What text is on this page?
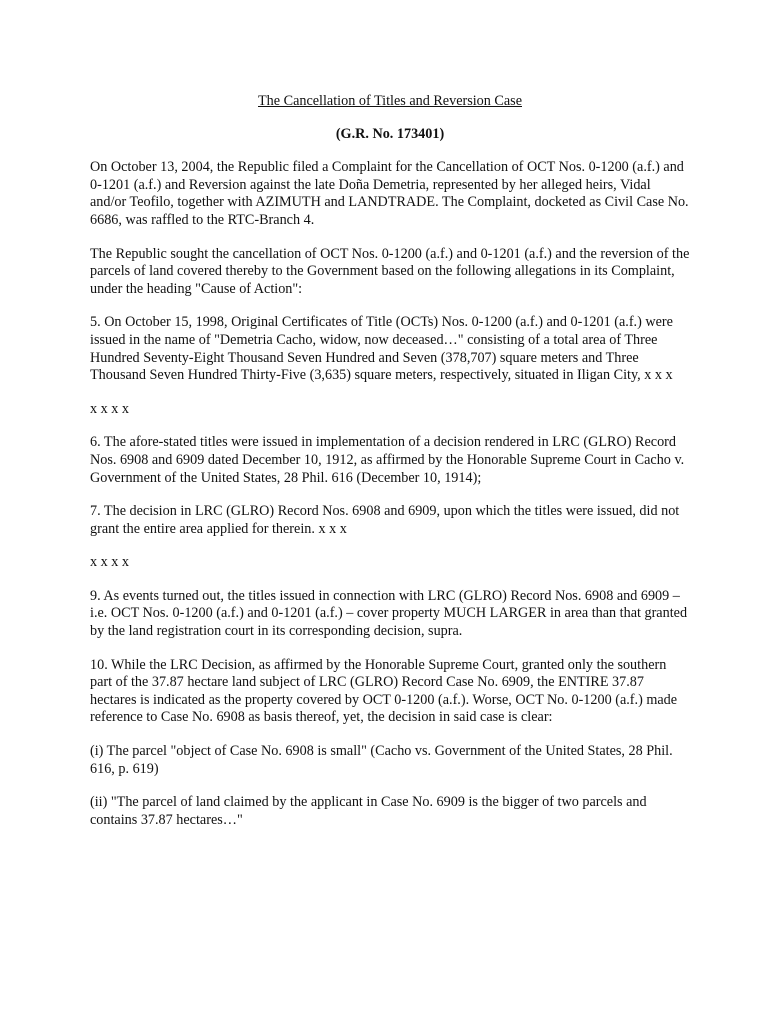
The Cancellation of Titles and Reversion Case
(G.R. No. 173401)
On October 13, 2004, the Republic filed a Complaint for the Cancellation of OCT Nos. 0-1200 (a.f.) and 0-1201 (a.f.) and Reversion against the late Doña Demetria, represented by her alleged heirs, Vidal and/or Teofilo, together with AZIMUTH and LANDTRADE. The Complaint, docketed as Civil Case No. 6686, was raffled to the RTC-Branch 4.
The Republic sought the cancellation of OCT Nos. 0-1200 (a.f.) and 0-1201 (a.f.) and the reversion of the parcels of land covered thereby to the Government based on the following allegations in its Complaint, under the heading "Cause of Action":
5. On October 15, 1998, Original Certificates of Title (OCTs) Nos. 0-1200 (a.f.) and 0-1201 (a.f.) were issued in the name of "Demetria Cacho, widow, now deceased…" consisting of a total area of Three Hundred Seventy-Eight Thousand Seven Hundred and Seven (378,707) square meters and Three Thousand Seven Hundred Thirty-Five (3,635) square meters, respectively, situated in Iligan City, x x x
x x x x
6. The afore-stated titles were issued in implementation of a decision rendered in LRC (GLRO) Record Nos. 6908 and 6909 dated December 10, 1912, as affirmed by the Honorable Supreme Court in Cacho v. Government of the United States, 28 Phil. 616 (December 10, 1914);
7. The decision in LRC (GLRO) Record Nos. 6908 and 6909, upon which the titles were issued, did not grant the entire area applied for therein. x x x
x x x x
9. As events turned out, the titles issued in connection with LRC (GLRO) Record Nos. 6908 and 6909 – i.e. OCT Nos. 0-1200 (a.f.) and 0-1201 (a.f.) – cover property MUCH LARGER in area than that granted by the land registration court in its corresponding decision, supra.
10. While the LRC Decision, as affirmed by the Honorable Supreme Court, granted only the southern part of the 37.87 hectare land subject of LRC (GLRO) Record Case No. 6909, the ENTIRE 37.87 hectares is indicated as the property covered by OCT 0-1200 (a.f.). Worse, OCT No. 0-1200 (a.f.) made reference to Case No. 6908 as basis thereof, yet, the decision in said case is clear:
(i) The parcel "object of Case No. 6908 is small" (Cacho vs. Government of the United States, 28 Phil. 616, p. 619)
(ii) "The parcel of land claimed by the applicant in Case No. 6909 is the bigger of two parcels and contains 37.87 hectares…"
